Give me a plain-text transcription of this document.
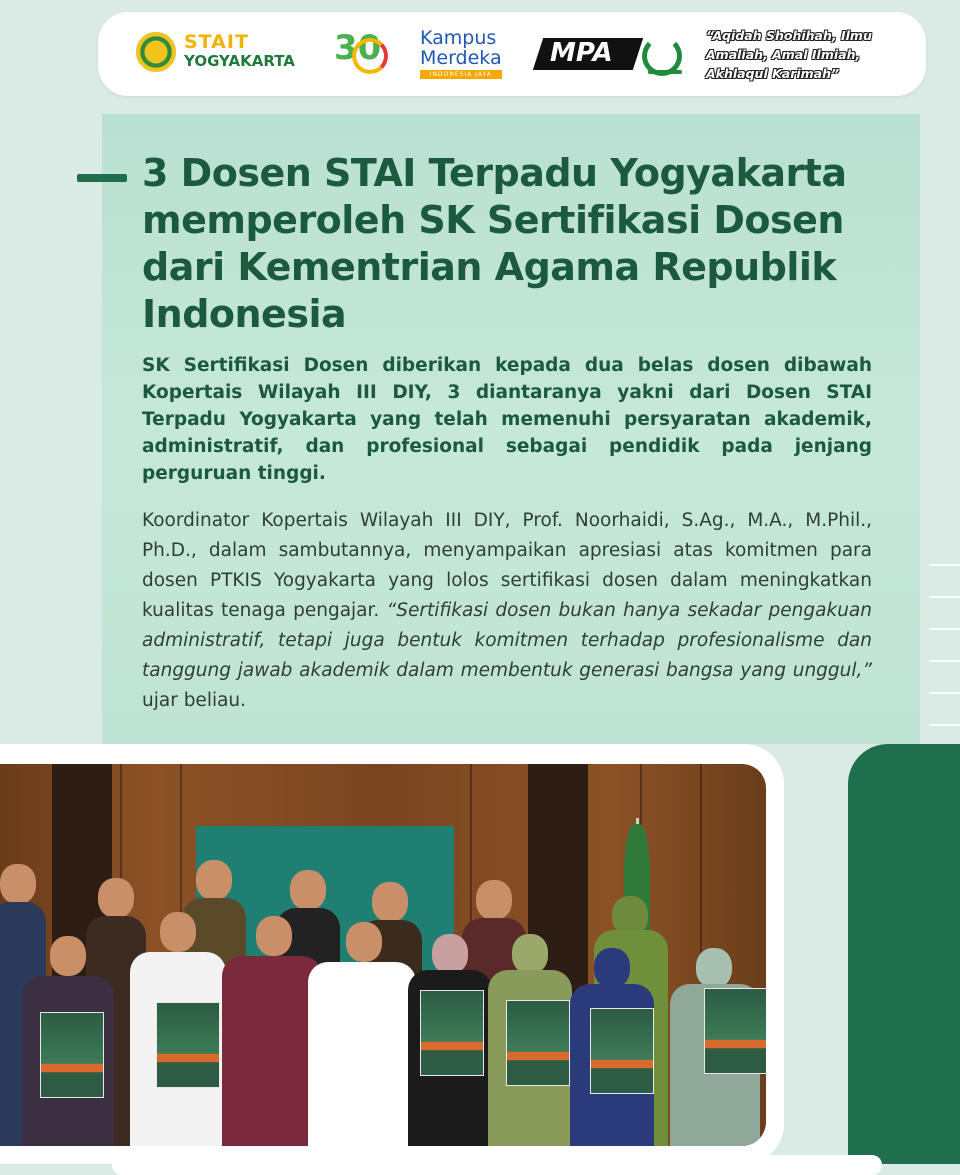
STAIT
YOGYAKARTA 30 Kampus
Merdeka
INDONESIA JAYA
MPA
“Aqidah Shohihah, Ilmu Amaliah, Amal Ilmiah, Akhlaqul Karimah”
3 Dosen STAI Terpadu Yogyakarta memperoleh SK Sertifikasi Dosen dari Kementrian Agama Republik Indonesia

SK Sertifikasi Dosen diberikan kepada dua belas dosen dibawah Kopertais Wilayah III DIY, 3 diantaranya yakni dari Dosen STAI Terpadu Yogyakarta yang telah memenuhi persyaratan akademik, administratif, dan profesional sebagai pendidik pada jenjang perguruan tinggi.

Koordinator Kopertais Wilayah III DIY, Prof. Noorhaidi, S.Ag., M.A., M.Phil., Ph.D., dalam sambutannya, menyampaikan apresiasi atas komitmen para dosen PTKIS Yogyakarta yang lolos sertifikasi dosen dalam meningkatkan kualitas tenaga pengajar. “Sertifikasi dosen bukan hanya sekadar pengakuan administratif, tetapi juga bentuk komitmen terhadap profesionalisme dan tanggung jawab akademik dalam membentuk generasi bangsa yang unggul,” ujar beliau.
